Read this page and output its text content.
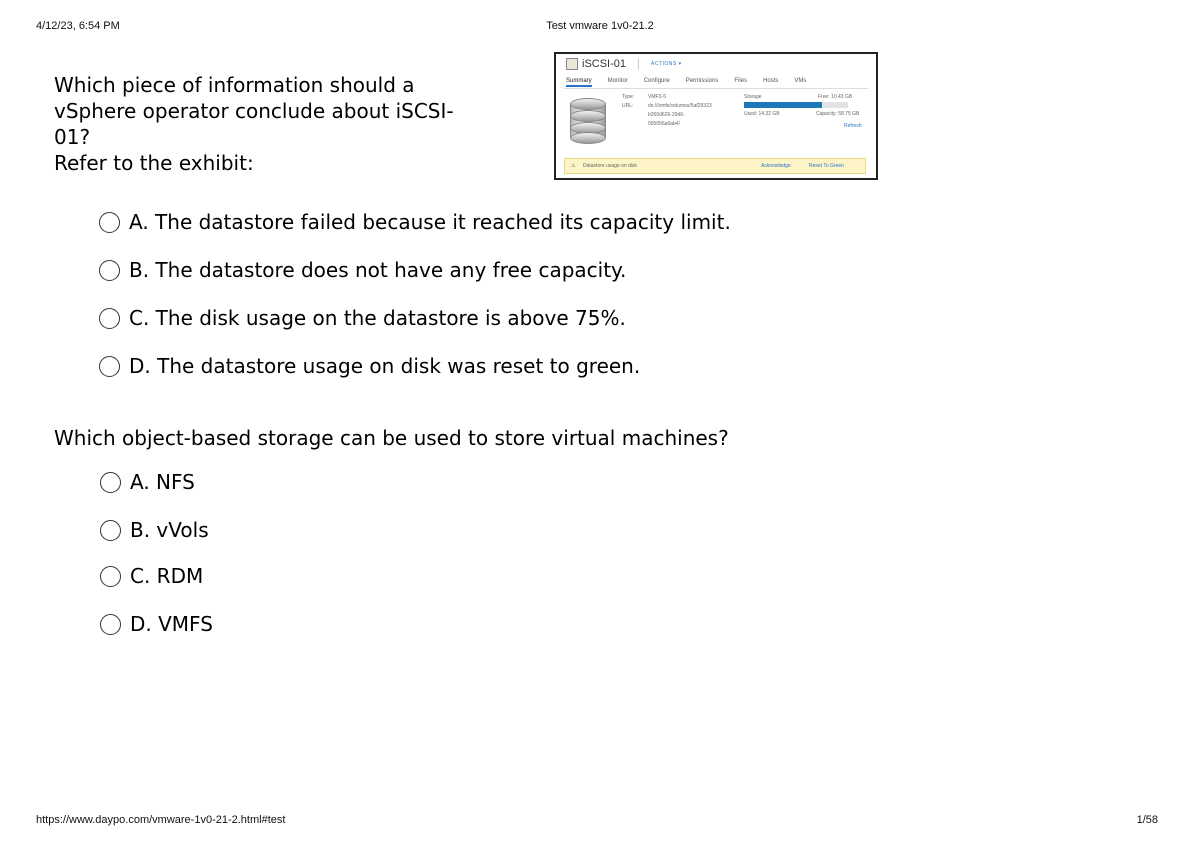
4/12/23, 6:54 PM	Test vmware 1v0-21.2
Which piece of information should a
vSphere operator conclude about iSCSI-
01?
Refer to the exhibit:
iSCSI-01	ACTIONS ▾
Summary	Monitor	Configure	Permissions	Files	Hosts	VMs
Type:	VMFS 6
URL:	ds:///vmfs/volumes/5af29323
b260d626-29d6-
005056a6ab4/
Storage	Free: 10.43 GB
Used: 14.32 GB	Capacity: 58.75 GB
Refresh
⚠ Datastore usage on disk	Acknowledge	Reset To Green
A. The datastore failed because it reached its capacity limit.
B. The datastore does not have any free capacity.
C. The disk usage on the datastore is above 75%.
D. The datastore usage on disk was reset to green.
Which object-based storage can be used to store virtual machines?
A. NFS
B. vVols
C. RDM
D. VMFS
https://www.daypo.com/vmware-1v0-21-2.html#test	1/58
